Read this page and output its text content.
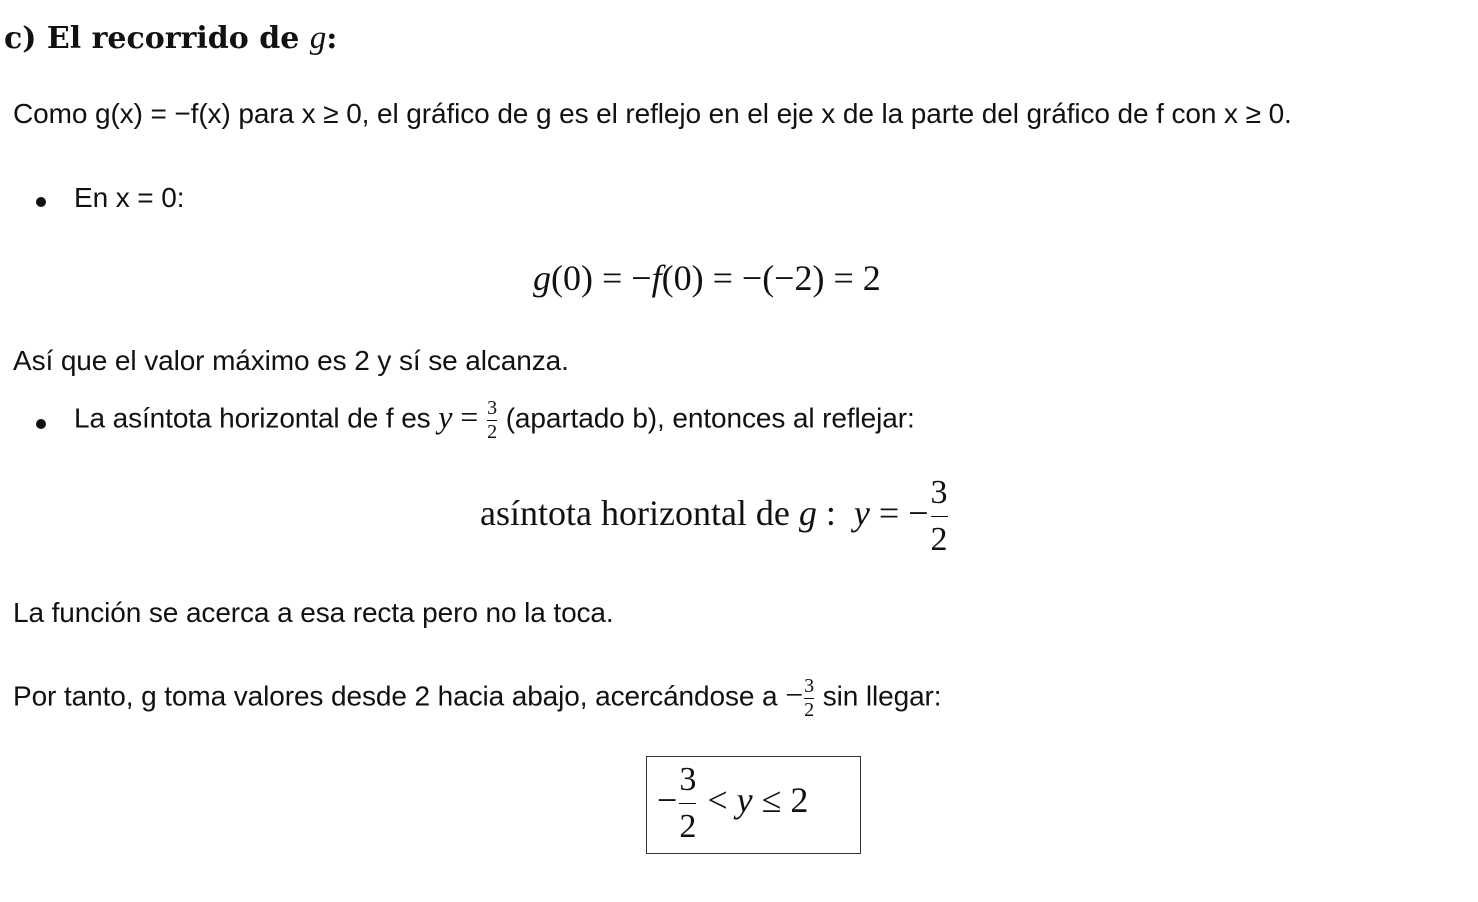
c) El recorrido de g:
Como g(x) = −f(x) para x ≥ 0, el gráfico de g es el reflejo en el eje x de la parte del gráfico de f con x ≥ 0.
En x = 0:
g(0) = −f(0) = −(−2) = 2
Así que el valor máximo es 2 y sí se alcanza.
La asíntota horizontal de f es $y = \frac{3}{2}$ (apartado b), entonces al reflejar:
asíntota horizontal de g : y = − $\frac{3}{2}$
La función se acerca a esa recta pero no la toca.
Por tanto, g toma valores desde 2 hacia abajo, acercándose $a - \frac{3}{2}$ sin llegar:
− $\frac{3}{2} < y \le 2$
